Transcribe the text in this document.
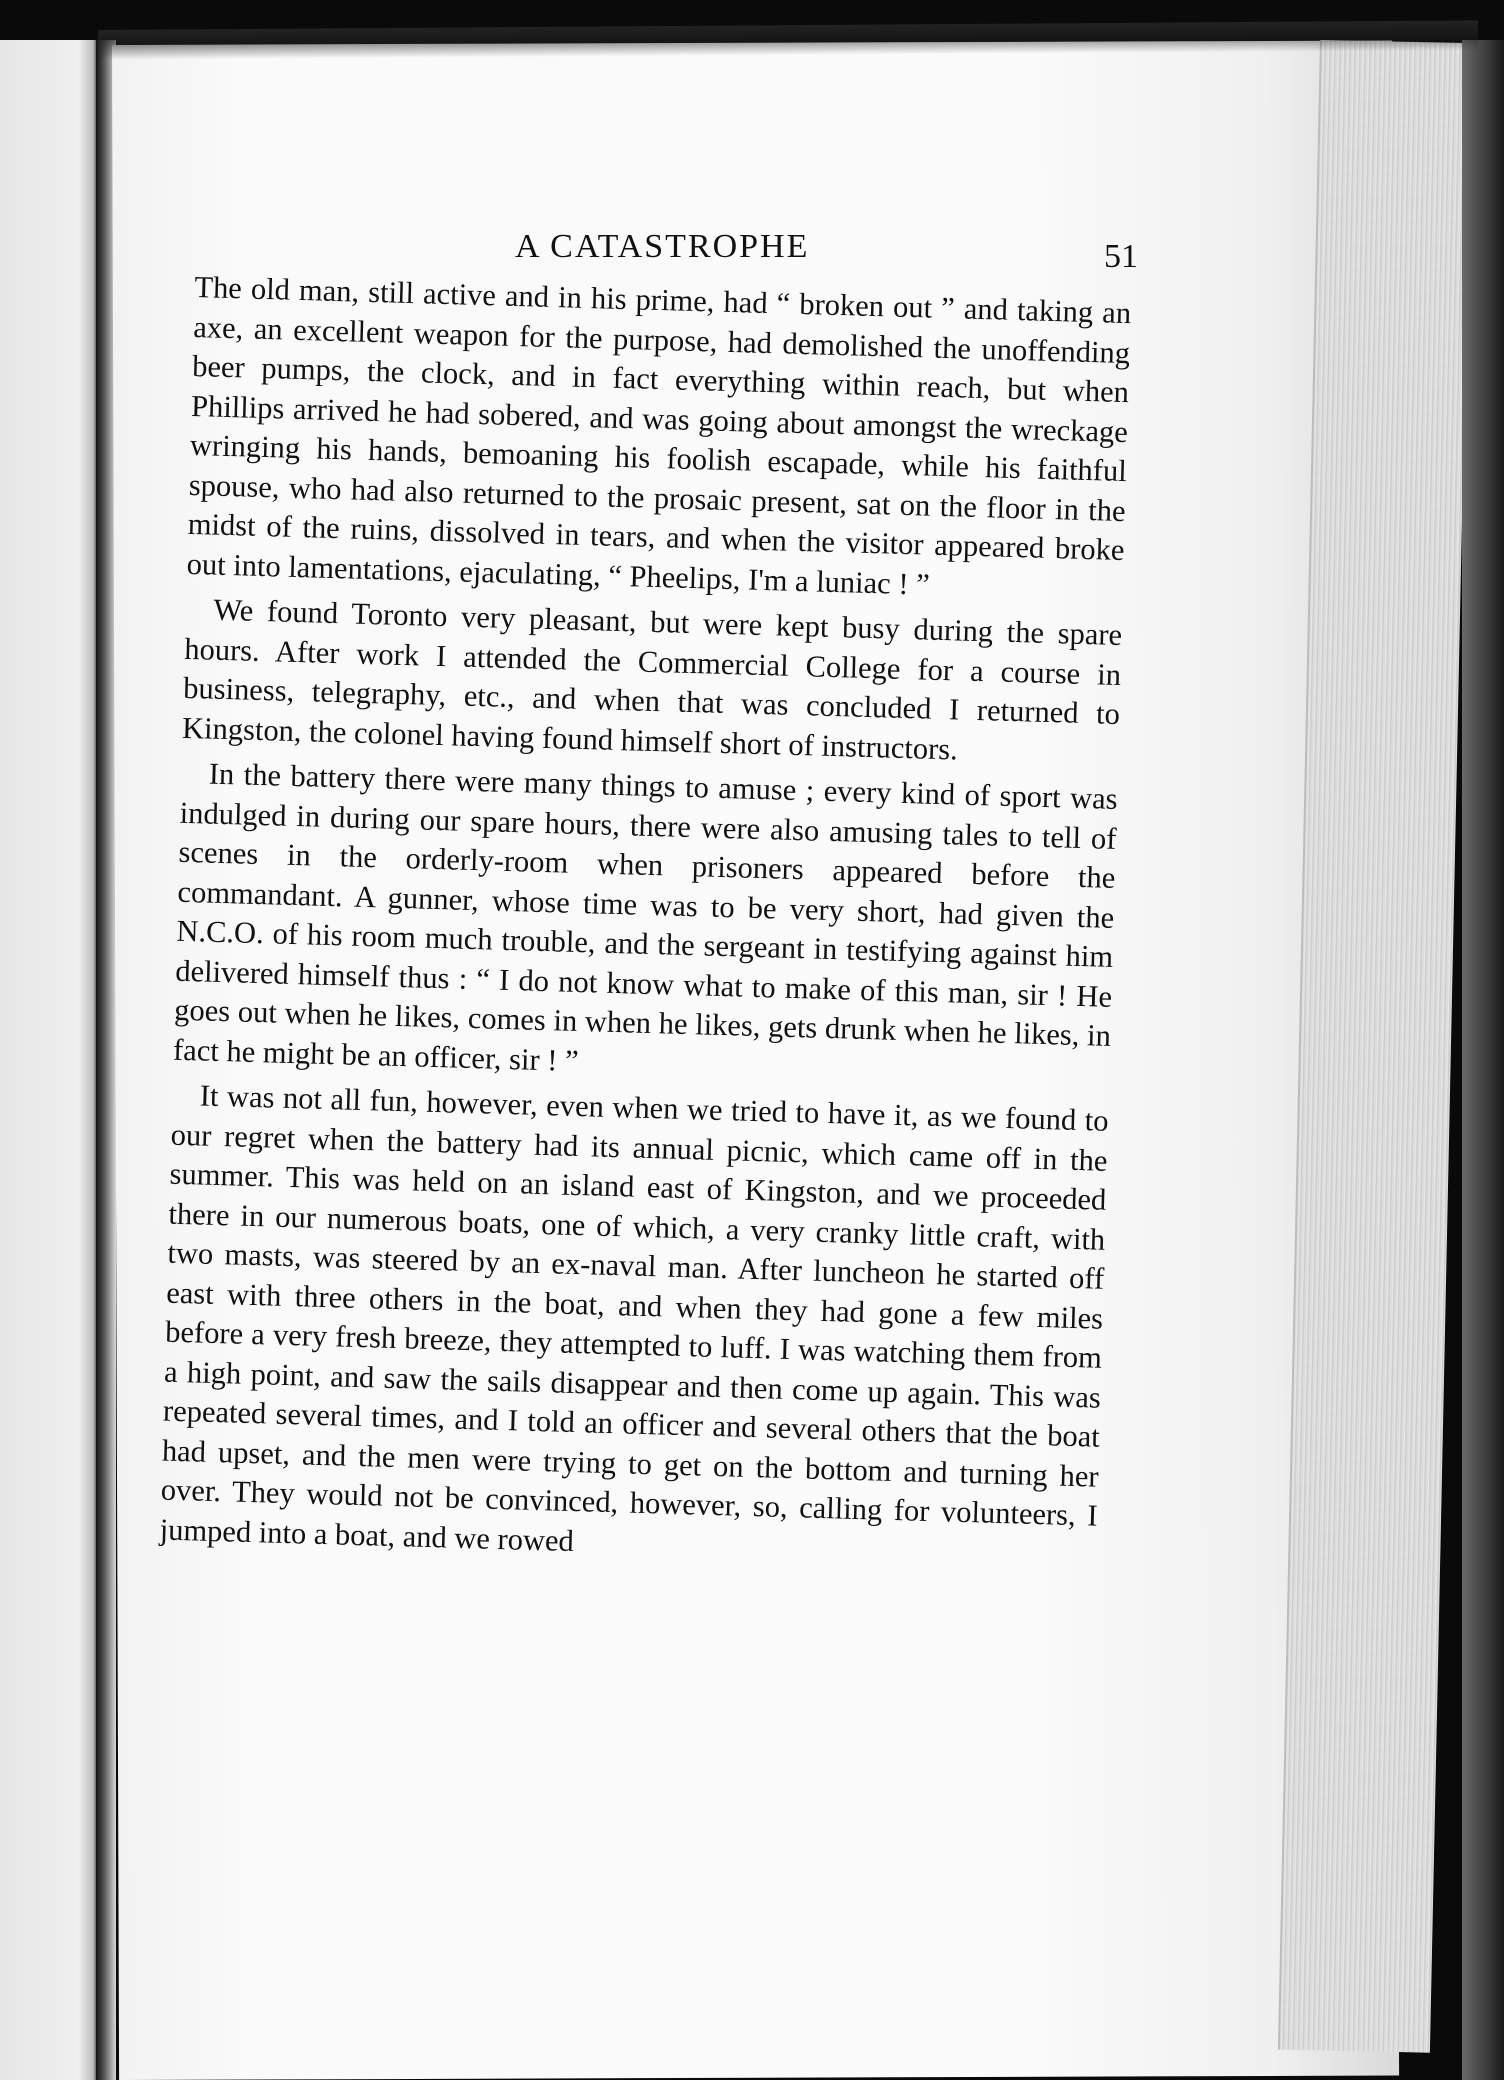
A CATASTROPHE	51

The old man, still active and in his prime, had “ broken out ” and taking an axe, an excellent weapon for the purpose, had demolished the unoffending beer pumps, the clock, and in fact everything within reach, but when Phillips arrived he had sobered, and was going about amongst the wreckage wringing his hands, bemoaning his foolish escapade, while his faithful spouse, who had also returned to the prosaic present, sat on the floor in the midst of the ruins, dissolved in tears, and when the visitor appeared broke out into lamentations, ejaculating, “ Pheelips, I'm a luniac ! ”

We found Toronto very pleasant, but were kept busy during the spare hours. After work I attended the Commercial College for a course in business, telegraphy, etc., and when that was concluded I returned to Kingston, the colonel having found himself short of instructors.

In the battery there were many things to amuse ; every kind of sport was indulged in during our spare hours, there were also amusing tales to tell of scenes in the orderly-room when prisoners appeared before the commandant. A gunner, whose time was to be very short, had given the N.C.O. of his room much trouble, and the sergeant in testifying against him delivered himself thus : “ I do not know what to make of this man, sir ! He goes out when he likes, comes in when he likes, gets drunk when he likes, in fact he might be an officer, sir ! ”

It was not all fun, however, even when we tried to have it, as we found to our regret when the battery had its annual picnic, which came off in the summer. This was held on an island east of Kingston, and we proceeded there in our numerous boats, one of which, a very cranky little craft, with two masts, was steered by an ex-naval man. After luncheon he started off east with three others in the boat, and when they had gone a few miles before a very fresh breeze, they attempted to luff. I was watching them from a high point, and saw the sails disappear and then come up again. This was repeated several times, and I told an officer and several others that the boat had upset, and the men were trying to get on the bottom and turning her over. They would not be convinced, however, so, calling for volunteers, I jumped into a boat, and we rowed
